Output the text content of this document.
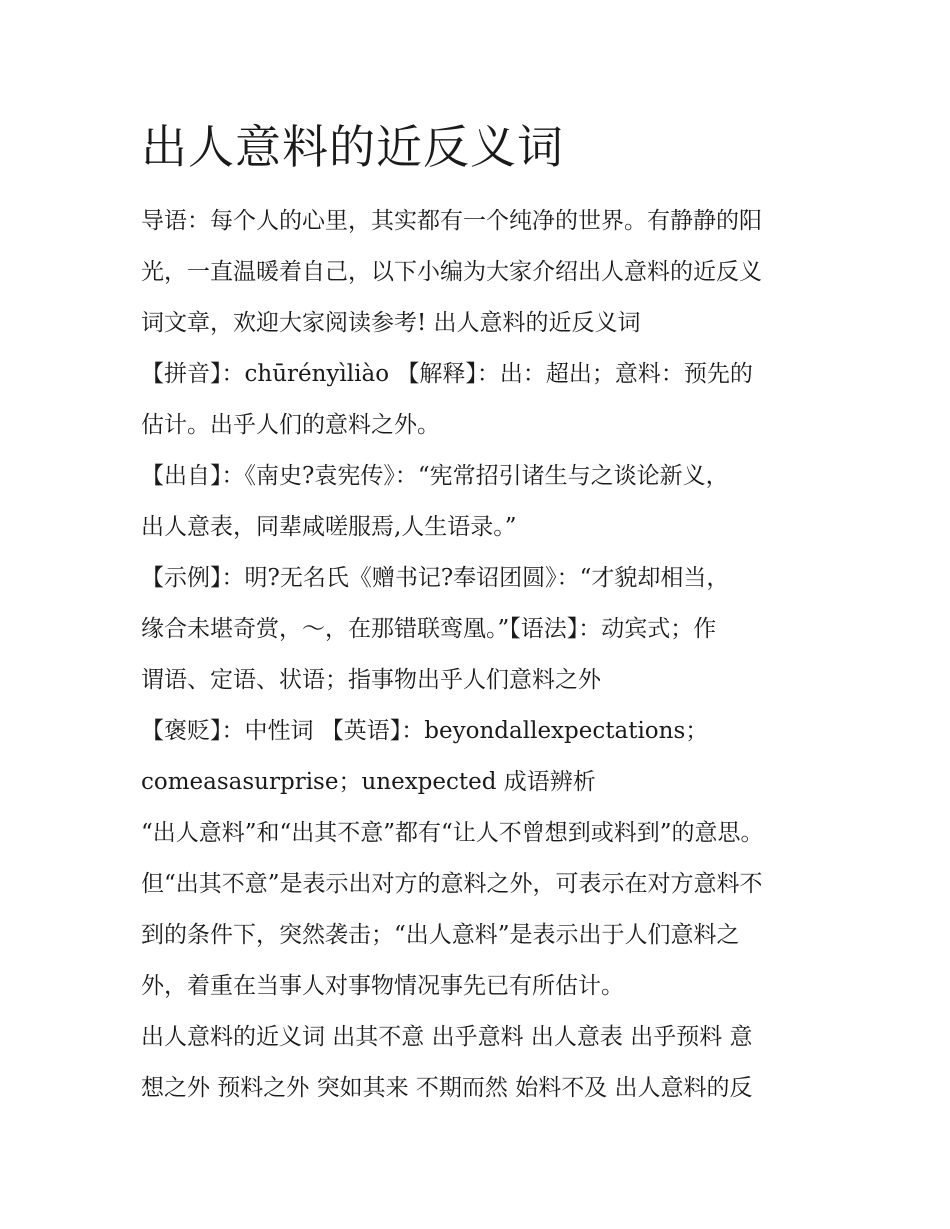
出人意料的近反义词
导语：每个人的心里，其实都有一个纯净的世界。有静静的阳
光，一直温暖着自己，以下小编为大家介绍出人意料的近反义
词文章，欢迎大家阅读参考! 出人意料的近反义词
【拼音】：chūrényìliào 【解释】：出：超出；意料：预先的
估计。出乎人们的意料之外。
【出自】：《南史?袁宪传》：“宪常招引诸生与之谈论新义，
出人意表，同辈咸嗟服焉,人生语录。”
【示例】：明?无名氏《赠书记?奉诏团圆》：“才貌却相当，
缘合未堪奇赏，～，在那错联鸾凰。”【语法】：动宾式；作
谓语、定语、状语；指事物出乎人们意料之外
【褒贬】：中性词 【英语】：beyondallexpectations；
comeasasurprise；unexpected 成语辨析
“出人意料”和“出其不意”都有“让人不曾想到或料到”的意思。
但“出其不意”是表示出对方的意料之外，可表示在对方意料不
到的条件下，突然袭击；“出人意料”是表示出于人们意料之
外，着重在当事人对事物情况事先已有所估计。
出人意料的近义词 出其不意 出乎意料 出人意表 出乎预料 意
想之外 预料之外 突如其来 不期而然 始料不及 出人意料的反
